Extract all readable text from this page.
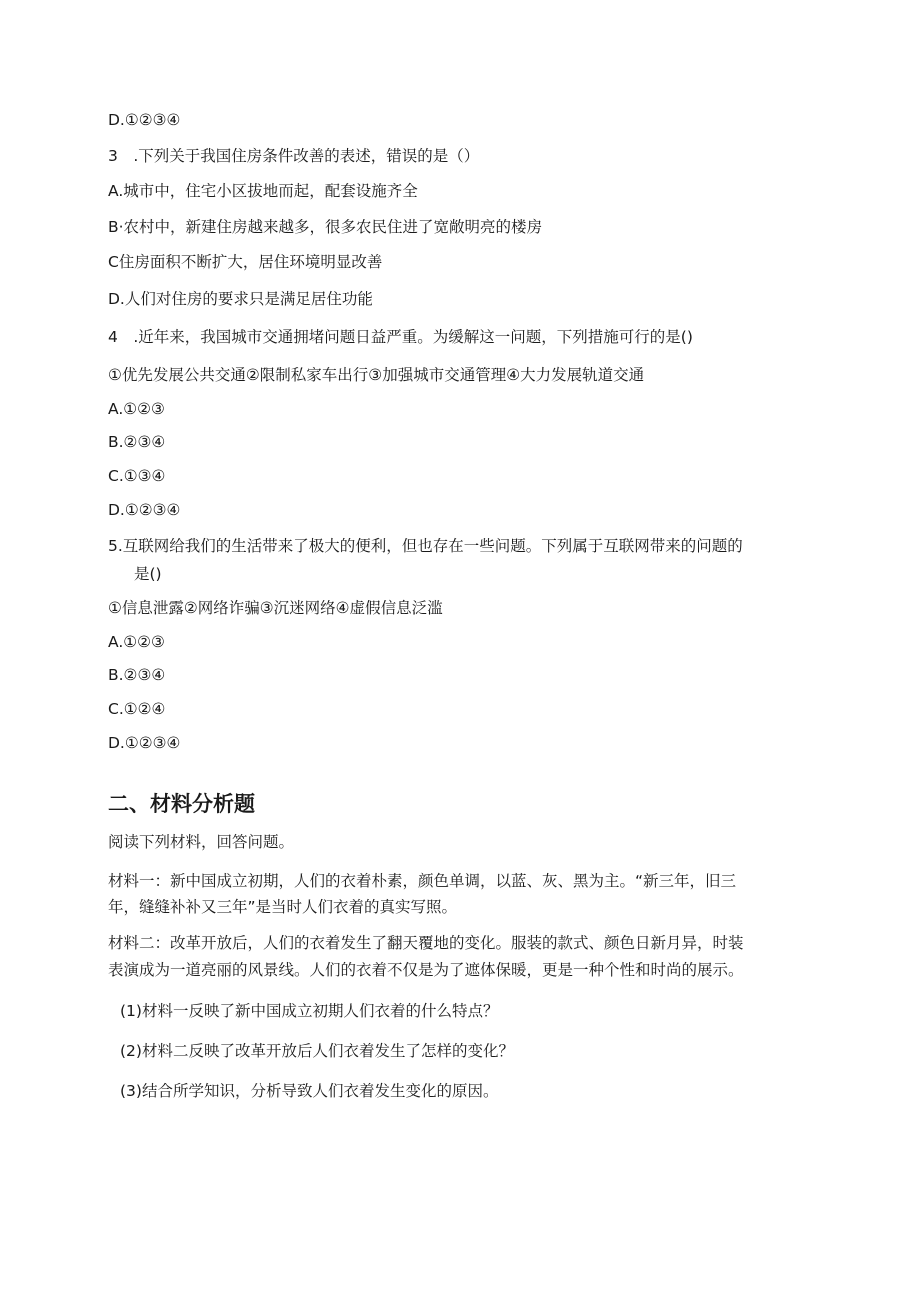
D.①②③④
3　.下列关于我国住房条件改善的表述，错误的是（）
A.城市中，住宅小区拔地而起，配套设施齐全
B·农村中，新建住房越来越多，很多农民住进了宽敞明亮的楼房
C住房面积不断扩大，居住环境明显改善
D.人们对住房的要求只是满足居住功能
4　.近年来，我国城市交通拥堵问题日益严重。为缓解这一问题，下列措施可行的是()
①优先发展公共交通②限制私家车出行③加强城市交通管理④大力发展轨道交通
A.①②③
B.②③④
C.①③④
D.①②③④
5.互联网给我们的生活带来了极大的便利，但也存在一些问题。下列属于互联网带来的问题的
是()
①信息泄露②网络诈骗③沉迷网络④虚假信息泛滥
A.①②③
B.②③④
C.①②④
D.①②③④
二、材料分析题
阅读下列材料，回答问题。
材料一：新中国成立初期，人们的衣着朴素，颜色单调，以蓝、灰、黑为主。“新三年，旧三
年，缝缝补补又三年”是当时人们衣着的真实写照。
材料二：改革开放后，人们的衣着发生了翻天覆地的变化。服装的款式、颜色日新月异，时装
表演成为一道亮丽的风景线。人们的衣着不仅是为了遮体保暖，更是一种个性和时尚的展示。
(1)材料一反映了新中国成立初期人们衣着的什么特点？
(2)材料二反映了改革开放后人们衣着发生了怎样的变化？
(3)结合所学知识，分析导致人们衣着发生变化的原因。
